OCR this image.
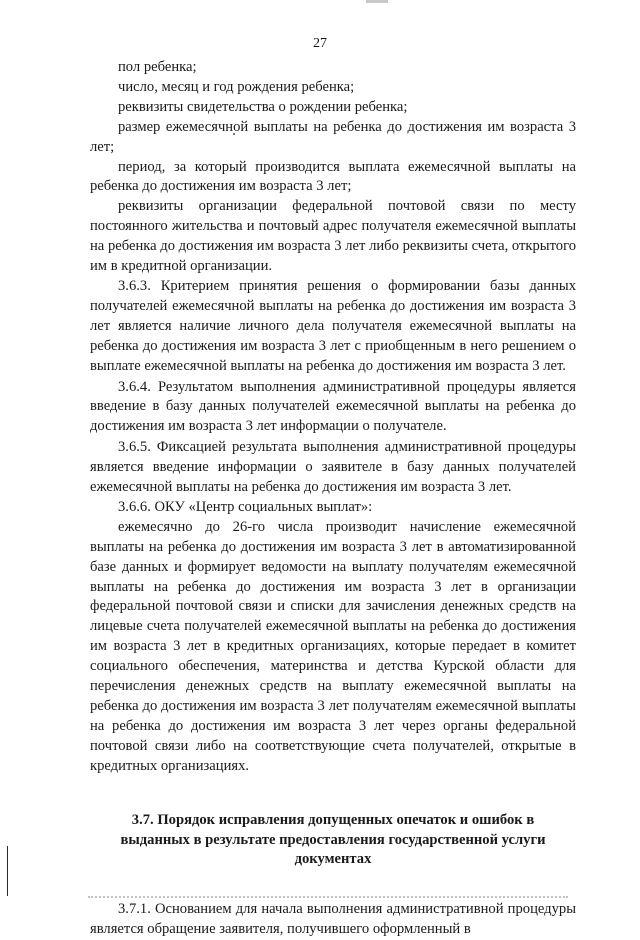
27

пол ребенка;

число, месяц и год рождения ребенка;

реквизиты свидетельства о рождении ребенка;

размер ежемесячной выплаты на ребенка до достижения им возраста 3 лет;

период, за который производится выплата ежемесячной выплаты на ребенка до достижения им возраста 3 лет;

реквизиты организации федеральной почтовой связи по месту постоянного жительства и почтовый адрес получателя ежемесячной выплаты на ребенка до достижения им возраста 3 лет либо реквизиты счета, открытого им в кредитной организации.

3.6.3. Критерием принятия решения о формировании базы данных получателей ежемесячной выплаты на ребенка до достижения им возраста 3 лет является наличие личного дела получателя ежемесячной выплаты на ребенка до достижения им возраста 3 лет с приобщенным в него решением о выплате ежемесячной выплаты на ребенка до достижения им возраста 3 лет.

3.6.4. Результатом выполнения административной процедуры является введение в базу данных получателей ежемесячной выплаты на ребенка до достижения им возраста 3 лет информации о получателе.

3.6.5. Фиксацией результата выполнения административной процедуры является введение информации о заявителе в базу данных получателей ежемесячной выплаты на ребенка до достижения им возраста 3 лет.

3.6.6. ОКУ «Центр социальных выплат»:

ежемесячно до 26-го числа производит начисление ежемесячной выплаты на ребенка до достижения им возраста 3 лет в автоматизированной базе данных и формирует ведомости на выплату получателям ежемесячной выплаты на ребенка до достижения им возраста 3 лет в организации федеральной почтовой связи и списки для зачисления денежных средств на лицевые счета получателей ежемесячной выплаты на ребенка до достижения им возраста 3 лет в кредитных организациях, которые передает в комитет социального обеспечения, материнства и детства Курской области для перечисления денежных средств на выплату ежемесячной выплаты на ребенка до достижения им возраста 3 лет получателям ежемесячной выплаты на ребенка до достижения им возраста 3 лет через органы федеральной почтовой связи либо на соответствующие счета получателей, открытые в кредитных организациях.

3.7. Порядок исправления допущенных опечаток и ошибок в выданных в результате предоставления государственной услуги документах

3.7.1. Основанием для начала выполнения административной процедуры является обращение заявителя, получившего оформленный в
